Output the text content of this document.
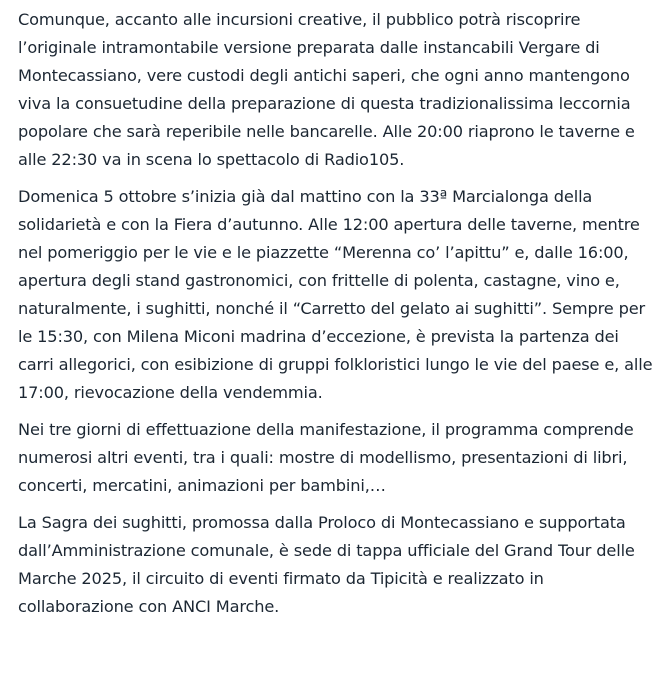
Comunque, accanto alle incursioni creative, il pubblico potrà riscoprire l’originale intramontabile versione preparata dalle instancabili Vergare di Montecassiano, vere custodi degli antichi saperi, che ogni anno mantengono viva la consuetudine della preparazione di questa tradizionalissima leccornia popolare che sarà reperibile nelle bancarelle. Alle 20:00 riaprono le taverne e alle 22:30 va in scena lo spettacolo di Radio105.

Domenica 5 ottobre s’inizia già dal mattino con la 33ª Marcialonga della solidarietà e con la Fiera d’autunno. Alle 12:00 apertura delle taverne, mentre nel pomeriggio per le vie e le piazzette “Merenna co’ l’apittu” e, dalle 16:00, apertura degli stand gastronomici, con frittelle di polenta, castagne, vino e, naturalmente, i sughitti, nonché il “Carretto del gelato ai sughitti”. Sempre per le 15:30, con Milena Miconi madrina d’eccezione, è prevista la partenza dei carri allegorici, con esibizione di gruppi folkloristici lungo le vie del paese e, alle 17:00, rievocazione della vendemmia.

Nei tre giorni di effettuazione della manifestazione, il programma comprende numerosi altri eventi, tra i quali: mostre di modellismo, presentazioni di libri, concerti, mercatini, animazioni per bambini,…

La Sagra dei sughitti, promossa dalla Proloco di Montecassiano e supportata dall’Amministrazione comunale, è sede di tappa ufficiale del Grand Tour delle Marche 2025, il circuito di eventi firmato da Tipicità e realizzato in collaborazione con ANCI Marche.
